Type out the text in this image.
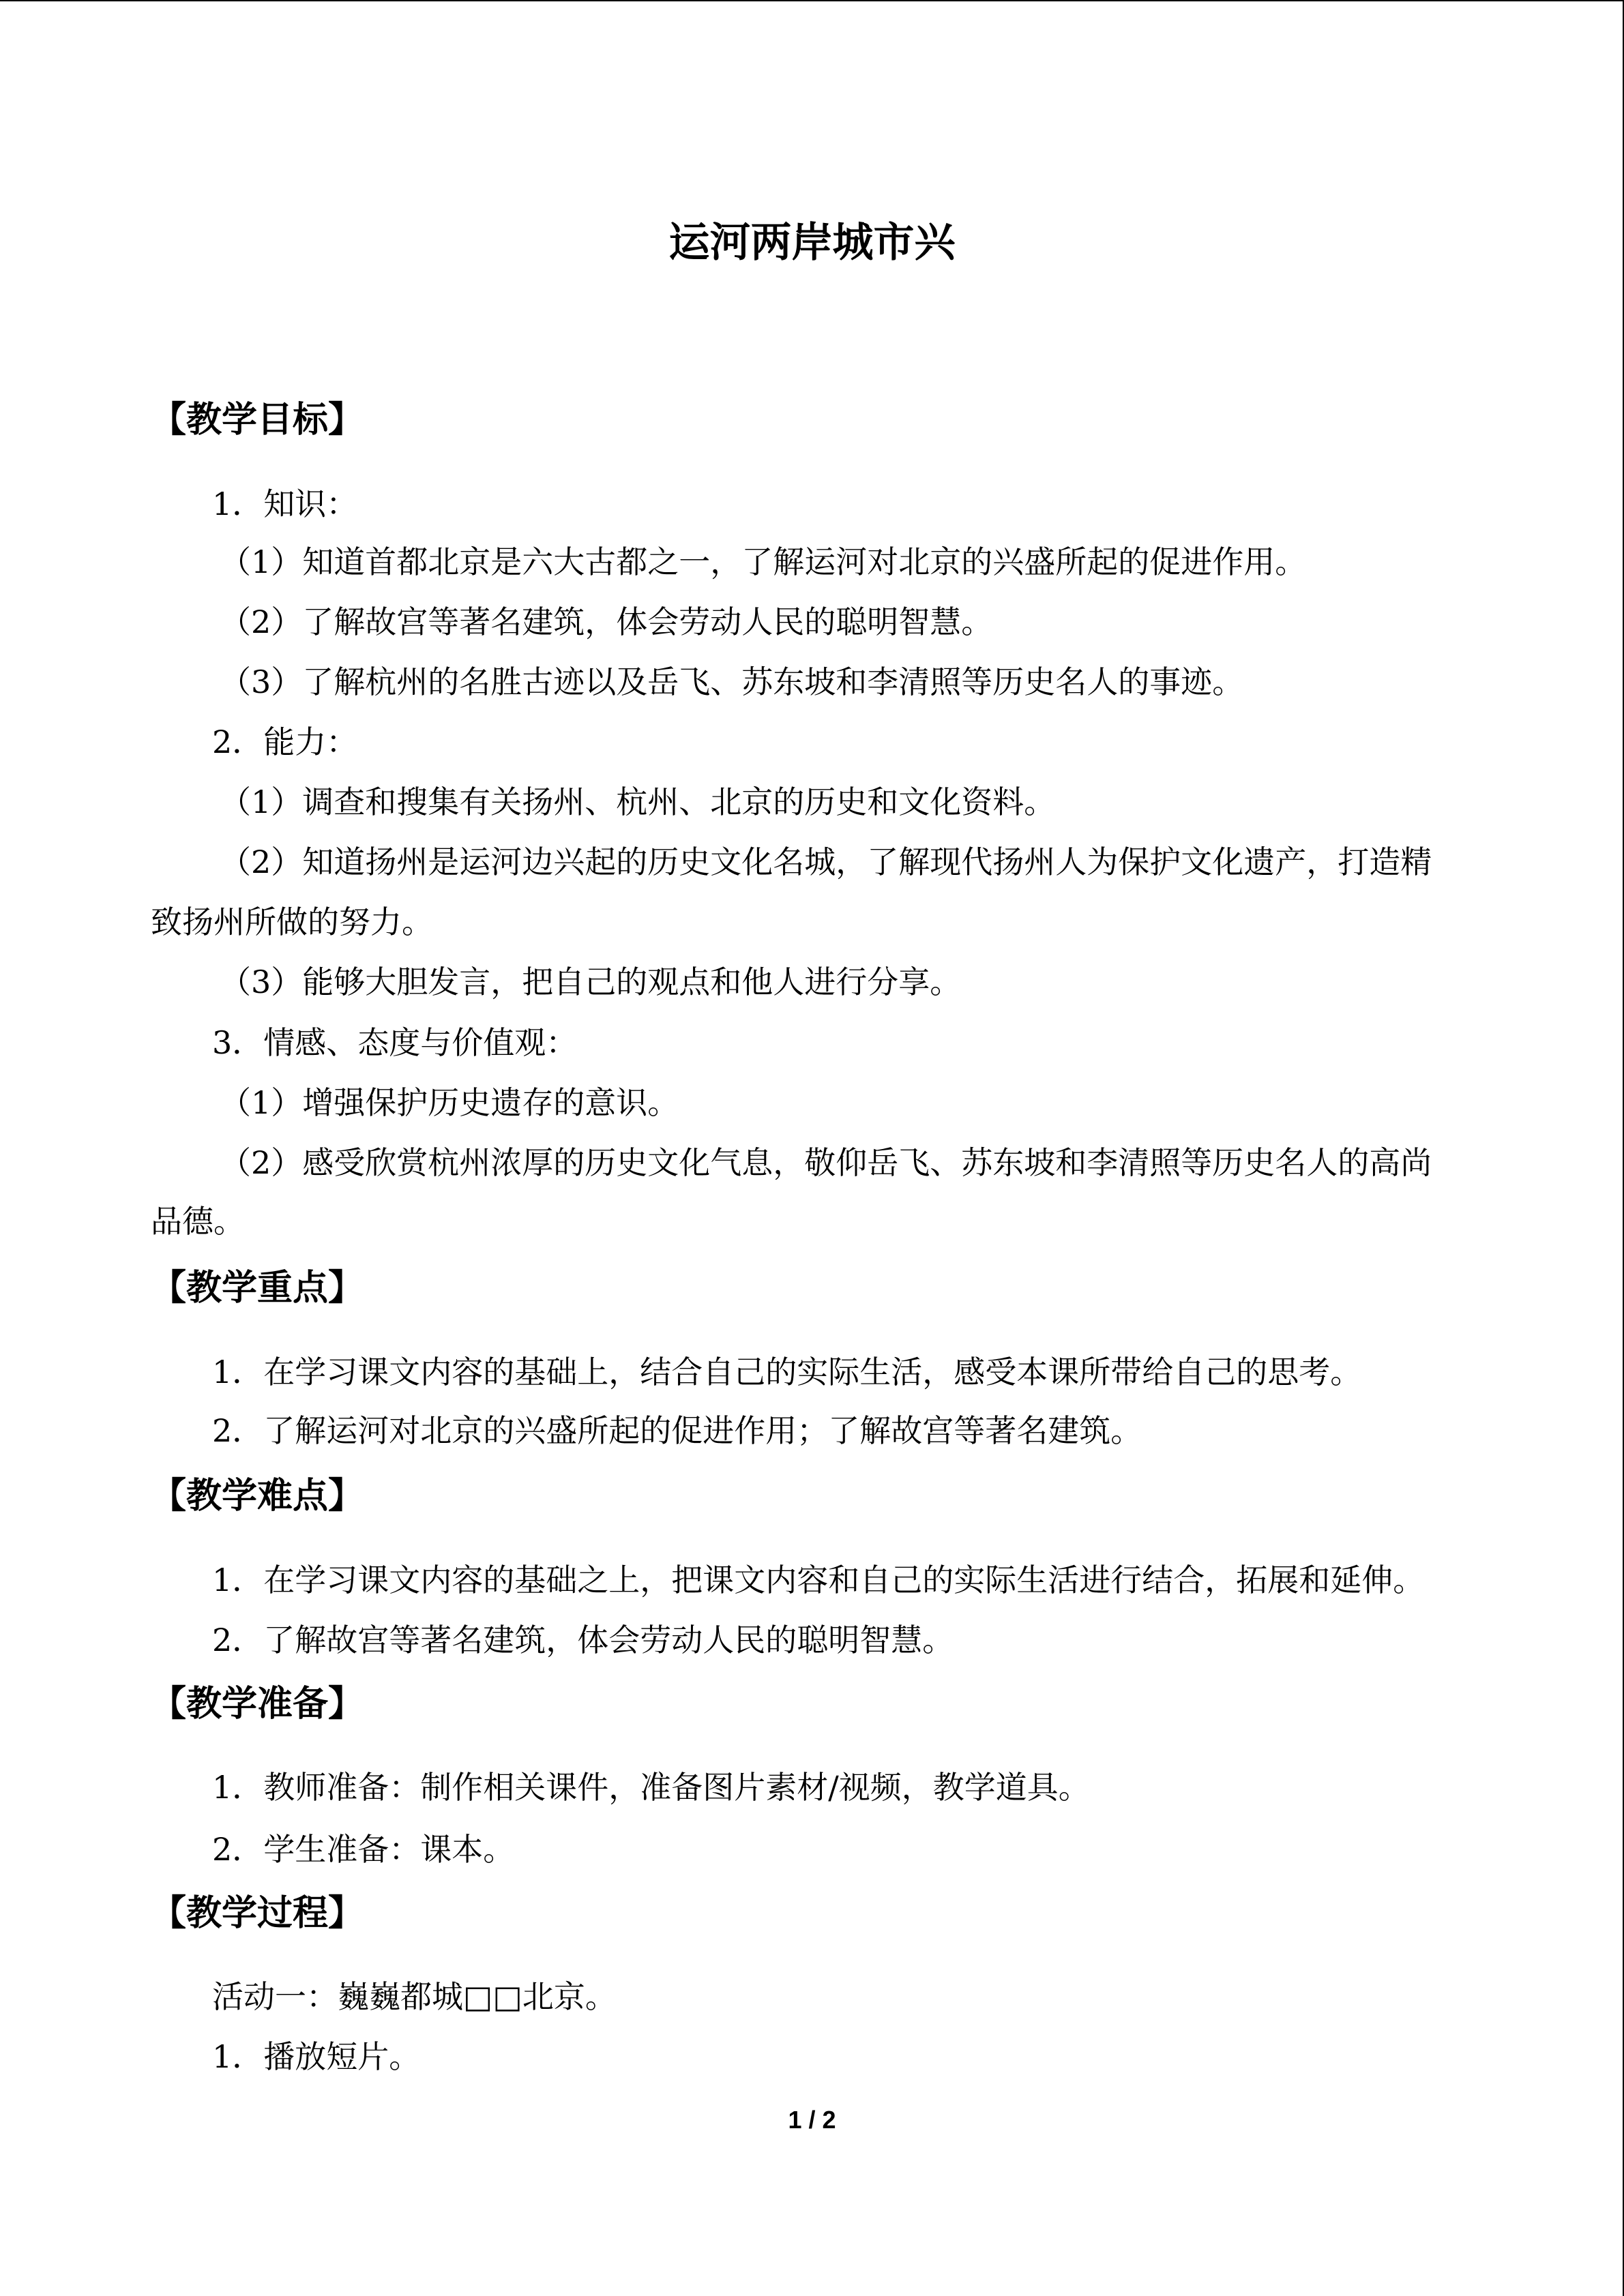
运河两岸城市兴
【教学目标】
1．知识：
（1）知道首都北京是六大古都之一，了解运河对北京的兴盛所起的促进作用。
（2）了解故宫等著名建筑，体会劳动人民的聪明智慧。
（3）了解杭州的名胜古迹以及岳飞、苏东坡和李清照等历史名人的事迹。
2．能力：
（1）调查和搜集有关扬州、杭州、北京的历史和文化资料。
（2）知道扬州是运河边兴起的历史文化名城，了解现代扬州人为保护文化遗产，打造精
致扬州所做的努力。
（3）能够大胆发言，把自己的观点和他人进行分享。
3．情感、态度与价值观：
（1）增强保护历史遗存的意识。
（2）感受欣赏杭州浓厚的历史文化气息，敬仰岳飞、苏东坡和李清照等历史名人的高尚
品德。
【教学重点】
1．在学习课文内容的基础上，结合自己的实际生活，感受本课所带给自己的思考。
2．了解运河对北京的兴盛所起的促进作用；了解故宫等著名建筑。
【教学难点】
1．在学习课文内容的基础之上，把课文内容和自己的实际生活进行结合，拓展和延伸。
2．了解故宫等著名建筑，体会劳动人民的聪明智慧。
【教学准备】
1．教师准备：制作相关课件，准备图片素材/视频，教学道具。
2．学生准备：课本。
【教学过程】
活动一：巍巍都城□□北京。
1．播放短片。
1 / 2
